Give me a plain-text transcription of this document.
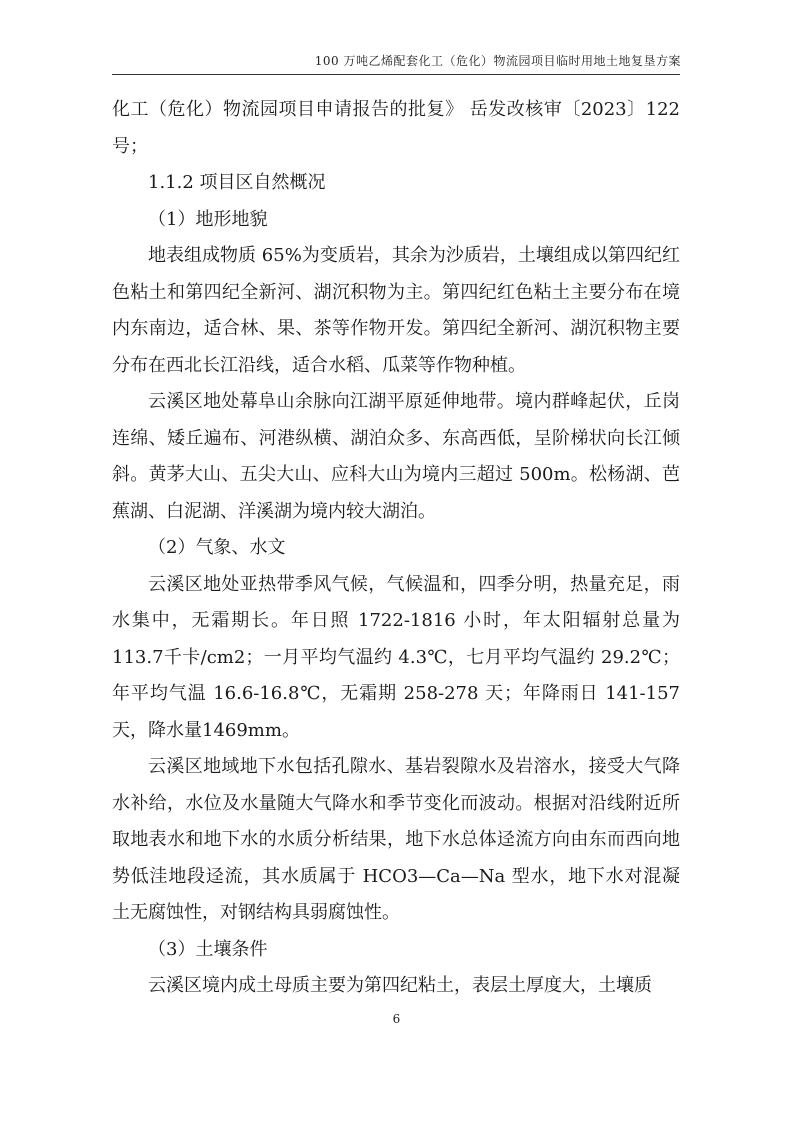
100 万吨乙烯配套化工（危化）物流园项目临时用地土地复垦方案

化工（危化）物流园项目申请报告的批复》 岳发改核审〔2023〕122号；

1.1.2 项目区自然概况

（1）地形地貌

地表组成物质 65%为变质岩，其余为沙质岩，土壤组成以第四纪红色粘土和第四纪全新河、湖沉积物为主。第四纪红色粘土主要分布在境内东南边，适合林、果、茶等作物开发。第四纪全新河、湖沉积物主要分布在西北长江沿线，适合水稻、瓜菜等作物种植。

云溪区地处幕阜山余脉向江湖平原延伸地带。境内群峰起伏，丘岗连绵、矮丘遍布、河港纵横、湖泊众多、东高西低，呈阶梯状向长江倾斜。黄茅大山、五尖大山、应科大山为境内三超过 500m。松杨湖、芭蕉湖、白泥湖、洋溪湖为境内较大湖泊。

（2）气象、水文

云溪区地处亚热带季风气候，气候温和，四季分明，热量充足，雨水集中，无霜期长。年日照 1722-1816 小时，年太阳辐射总量为 113.7千卡/cm2；一月平均气温约 4.3℃，七月平均气温约 29.2℃；年平均气温 16.6-16.8℃，无霜期 258-278 天；年降雨日 141-157 天，降水量1469mm。

云溪区地域地下水包括孔隙水、基岩裂隙水及岩溶水，接受大气降水补给，水位及水量随大气降水和季节变化而波动。根据对沿线附近所取地表水和地下水的水质分析结果，地下水总体迳流方向由东而西向地势低洼地段迳流，其水质属于 HCO3—Ca—Na 型水，地下水对混凝土无腐蚀性，对钢结构具弱腐蚀性。

（3）土壤条件

云溪区境内成土母质主要为第四纪粘土，表层土厚度大，土壤质

6
